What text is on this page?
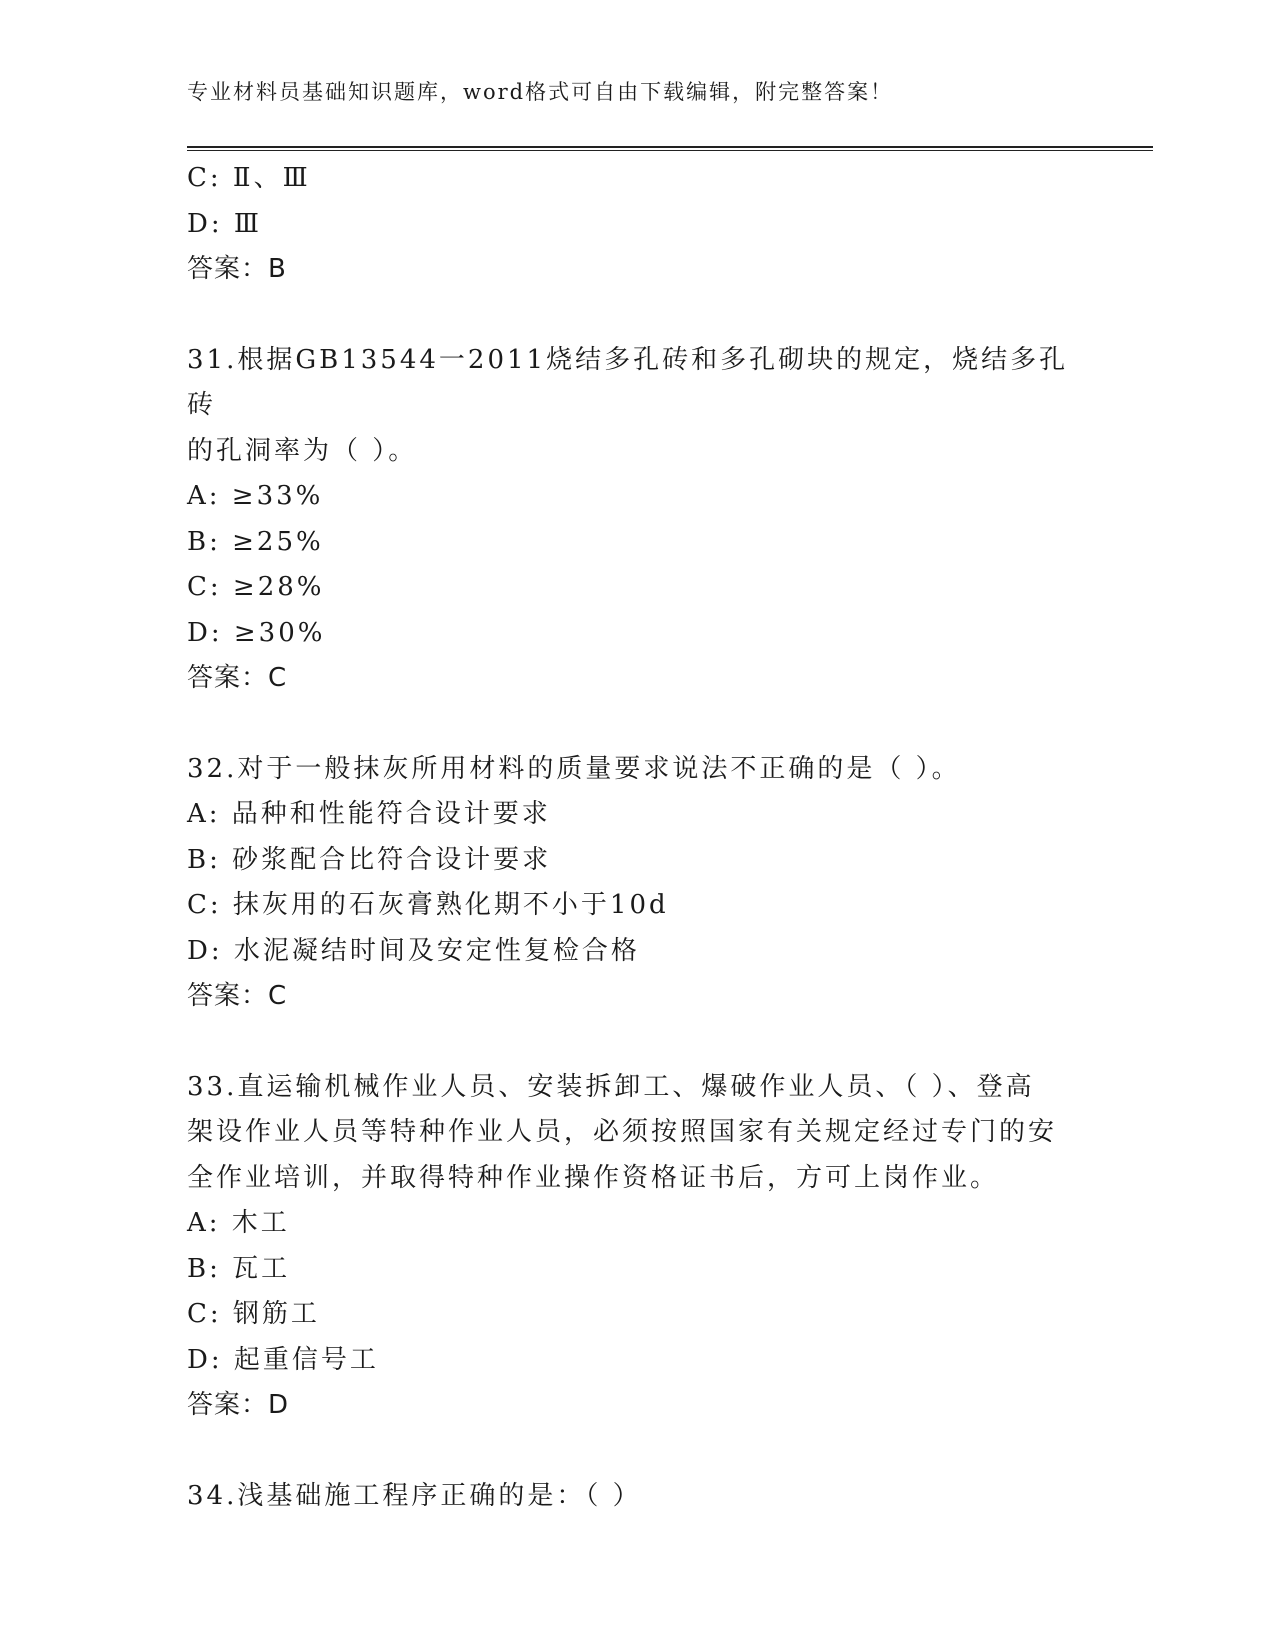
专业材料员基础知识题库，word格式可自由下载编辑，附完整答案！
C: Ⅱ、Ⅲ
D: Ⅲ
答案：B
31.根据GB13544一2011烧结多孔砖和多孔砌块的规定，烧结多孔砖
的孔洞率为（ ）。
A: ≥33%
B: ≥25%
C: ≥28%
D: ≥30%
答案：C
32.对于一般抹灰所用材料的质量要求说法不正确的是（ ）。
A: 品种和性能符合设计要求
B: 砂浆配合比符合设计要求
C: 抹灰用的石灰膏熟化期不小于10d
D: 水泥凝结时间及安定性复检合格
答案：C
33.直运输机械作业人员、安装拆卸工、爆破作业人员、（ ）、登高
架设作业人员等特种作业人员，必须按照国家有关规定经过专门的安
全作业培训，并取得特种作业操作资格证书后，方可上岗作业。
A: 木工
B: 瓦工
C: 钢筋工
D: 起重信号工
答案：D
34.浅基础施工程序正确的是：（ ）
